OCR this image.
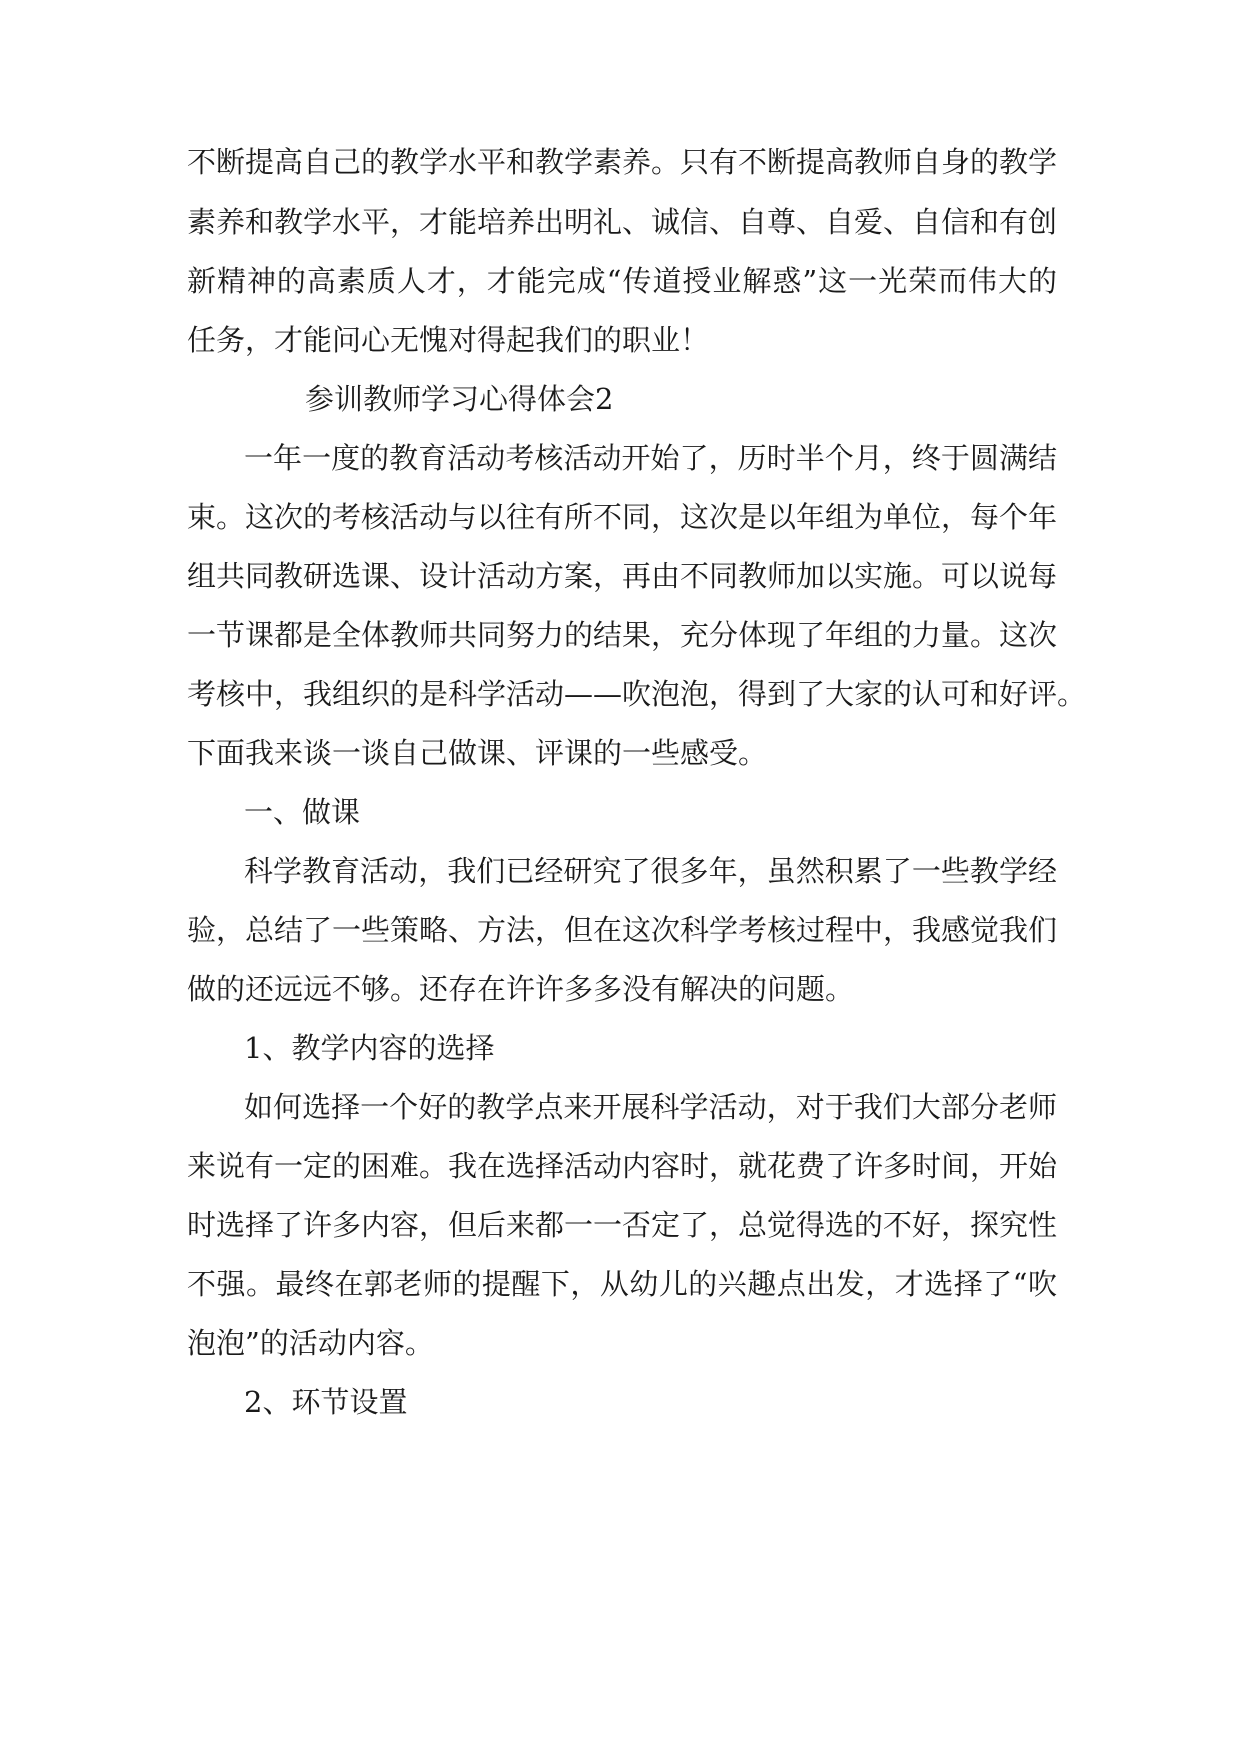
不断提高自己的教学水平和教学素养。只有不断提高教师自身的教学
素养和教学水平，才能培养出明礼、诚信、自尊、自爱、自信和有创
新精神的高素质人才，才能完成“传道授业解惑”这一光荣而伟大的
任务，才能问心无愧对得起我们的职业！
参训教师学习心得体会2
一年一度的教育活动考核活动开始了，历时半个月，终于圆满结
束。这次的考核活动与以往有所不同，这次是以年组为单位，每个年
组共同教研选课、设计活动方案，再由不同教师加以实施。可以说每
一节课都是全体教师共同努力的结果，充分体现了年组的力量。这次
考核中，我组织的是科学活动——吹泡泡，得到了大家的认可和好评。
下面我来谈一谈自己做课、评课的一些感受。
一、做课
科学教育活动，我们已经研究了很多年，虽然积累了一些教学经
验，总结了一些策略、方法，但在这次科学考核过程中，我感觉我们
做的还远远不够。还存在许许多多没有解决的问题。
1、教学内容的选择
如何选择一个好的教学点来开展科学活动，对于我们大部分老师
来说有一定的困难。我在选择活动内容时，就花费了许多时间，开始
时选择了许多内容，但后来都一一否定了，总觉得选的不好，探究性
不强。最终在郭老师的提醒下，从幼儿的兴趣点出发，才选择了“吹
泡泡”的活动内容。
2、环节设置
